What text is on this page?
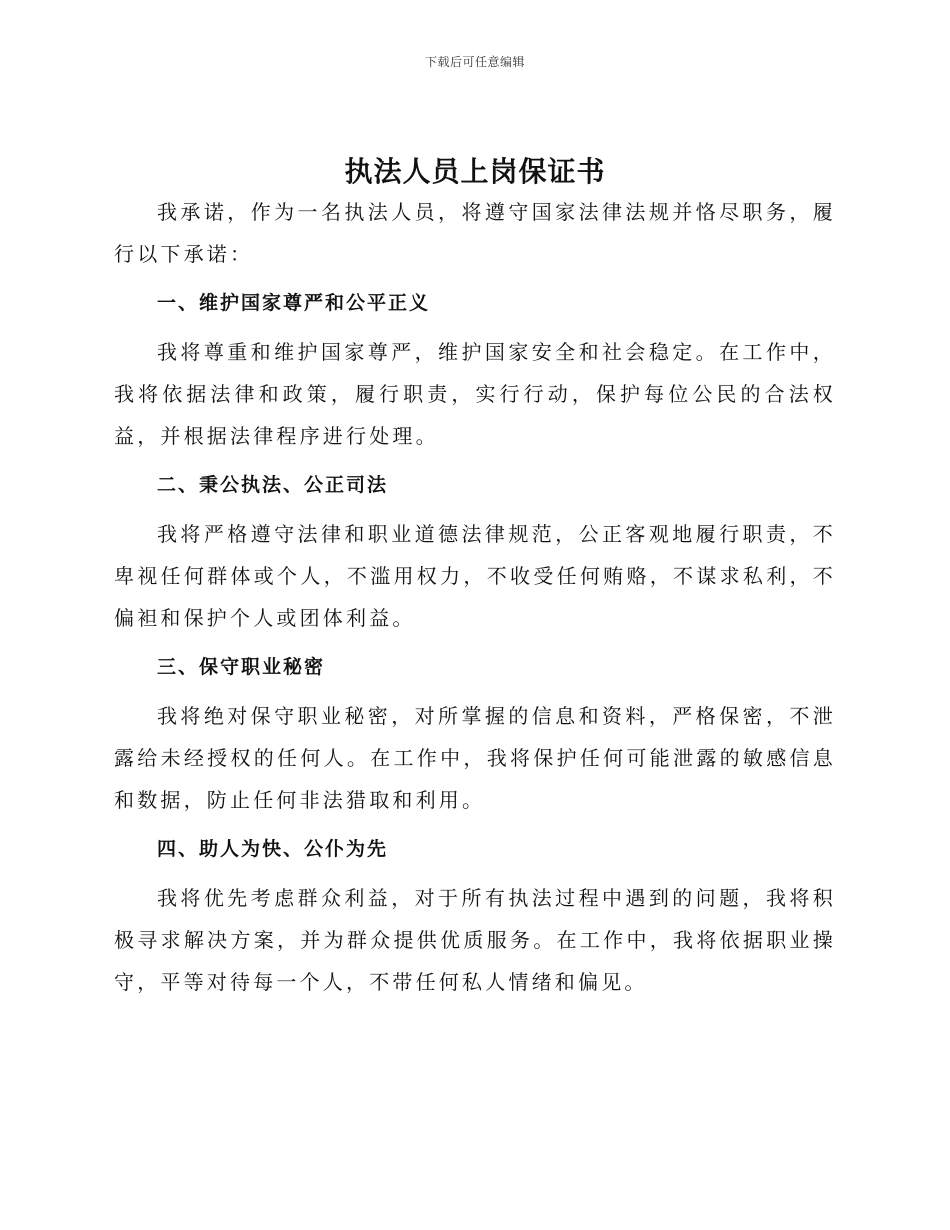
下载后可任意编辑
执法人员上岗保证书

我承诺，作为一名执法人员，将遵守国家法律法规并恪尽职务，履行以下承诺：

一、维护国家尊严和公平正义

我将尊重和维护国家尊严，维护国家安全和社会稳定。在工作中，我将依据法律和政策，履行职责，实行行动，保护每位公民的合法权益，并根据法律程序进行处理。

二、秉公执法、公正司法

我将严格遵守法律和职业道德法律规范，公正客观地履行职责，不卑视任何群体或个人，不滥用权力，不收受任何贿赂，不谋求私利，不偏袒和保护个人或团体利益。

三、保守职业秘密

我将绝对保守职业秘密，对所掌握的信息和资料，严格保密，不泄露给未经授权的任何人。在工作中，我将保护任何可能泄露的敏感信息和数据，防止任何非法猎取和利用。

四、助人为快、公仆为先

我将优先考虑群众利益，对于所有执法过程中遇到的问题，我将积极寻求解决方案，并为群众提供优质服务。在工作中，我将依据职业操守，平等对待每一个人，不带任何私人情绪和偏见。
